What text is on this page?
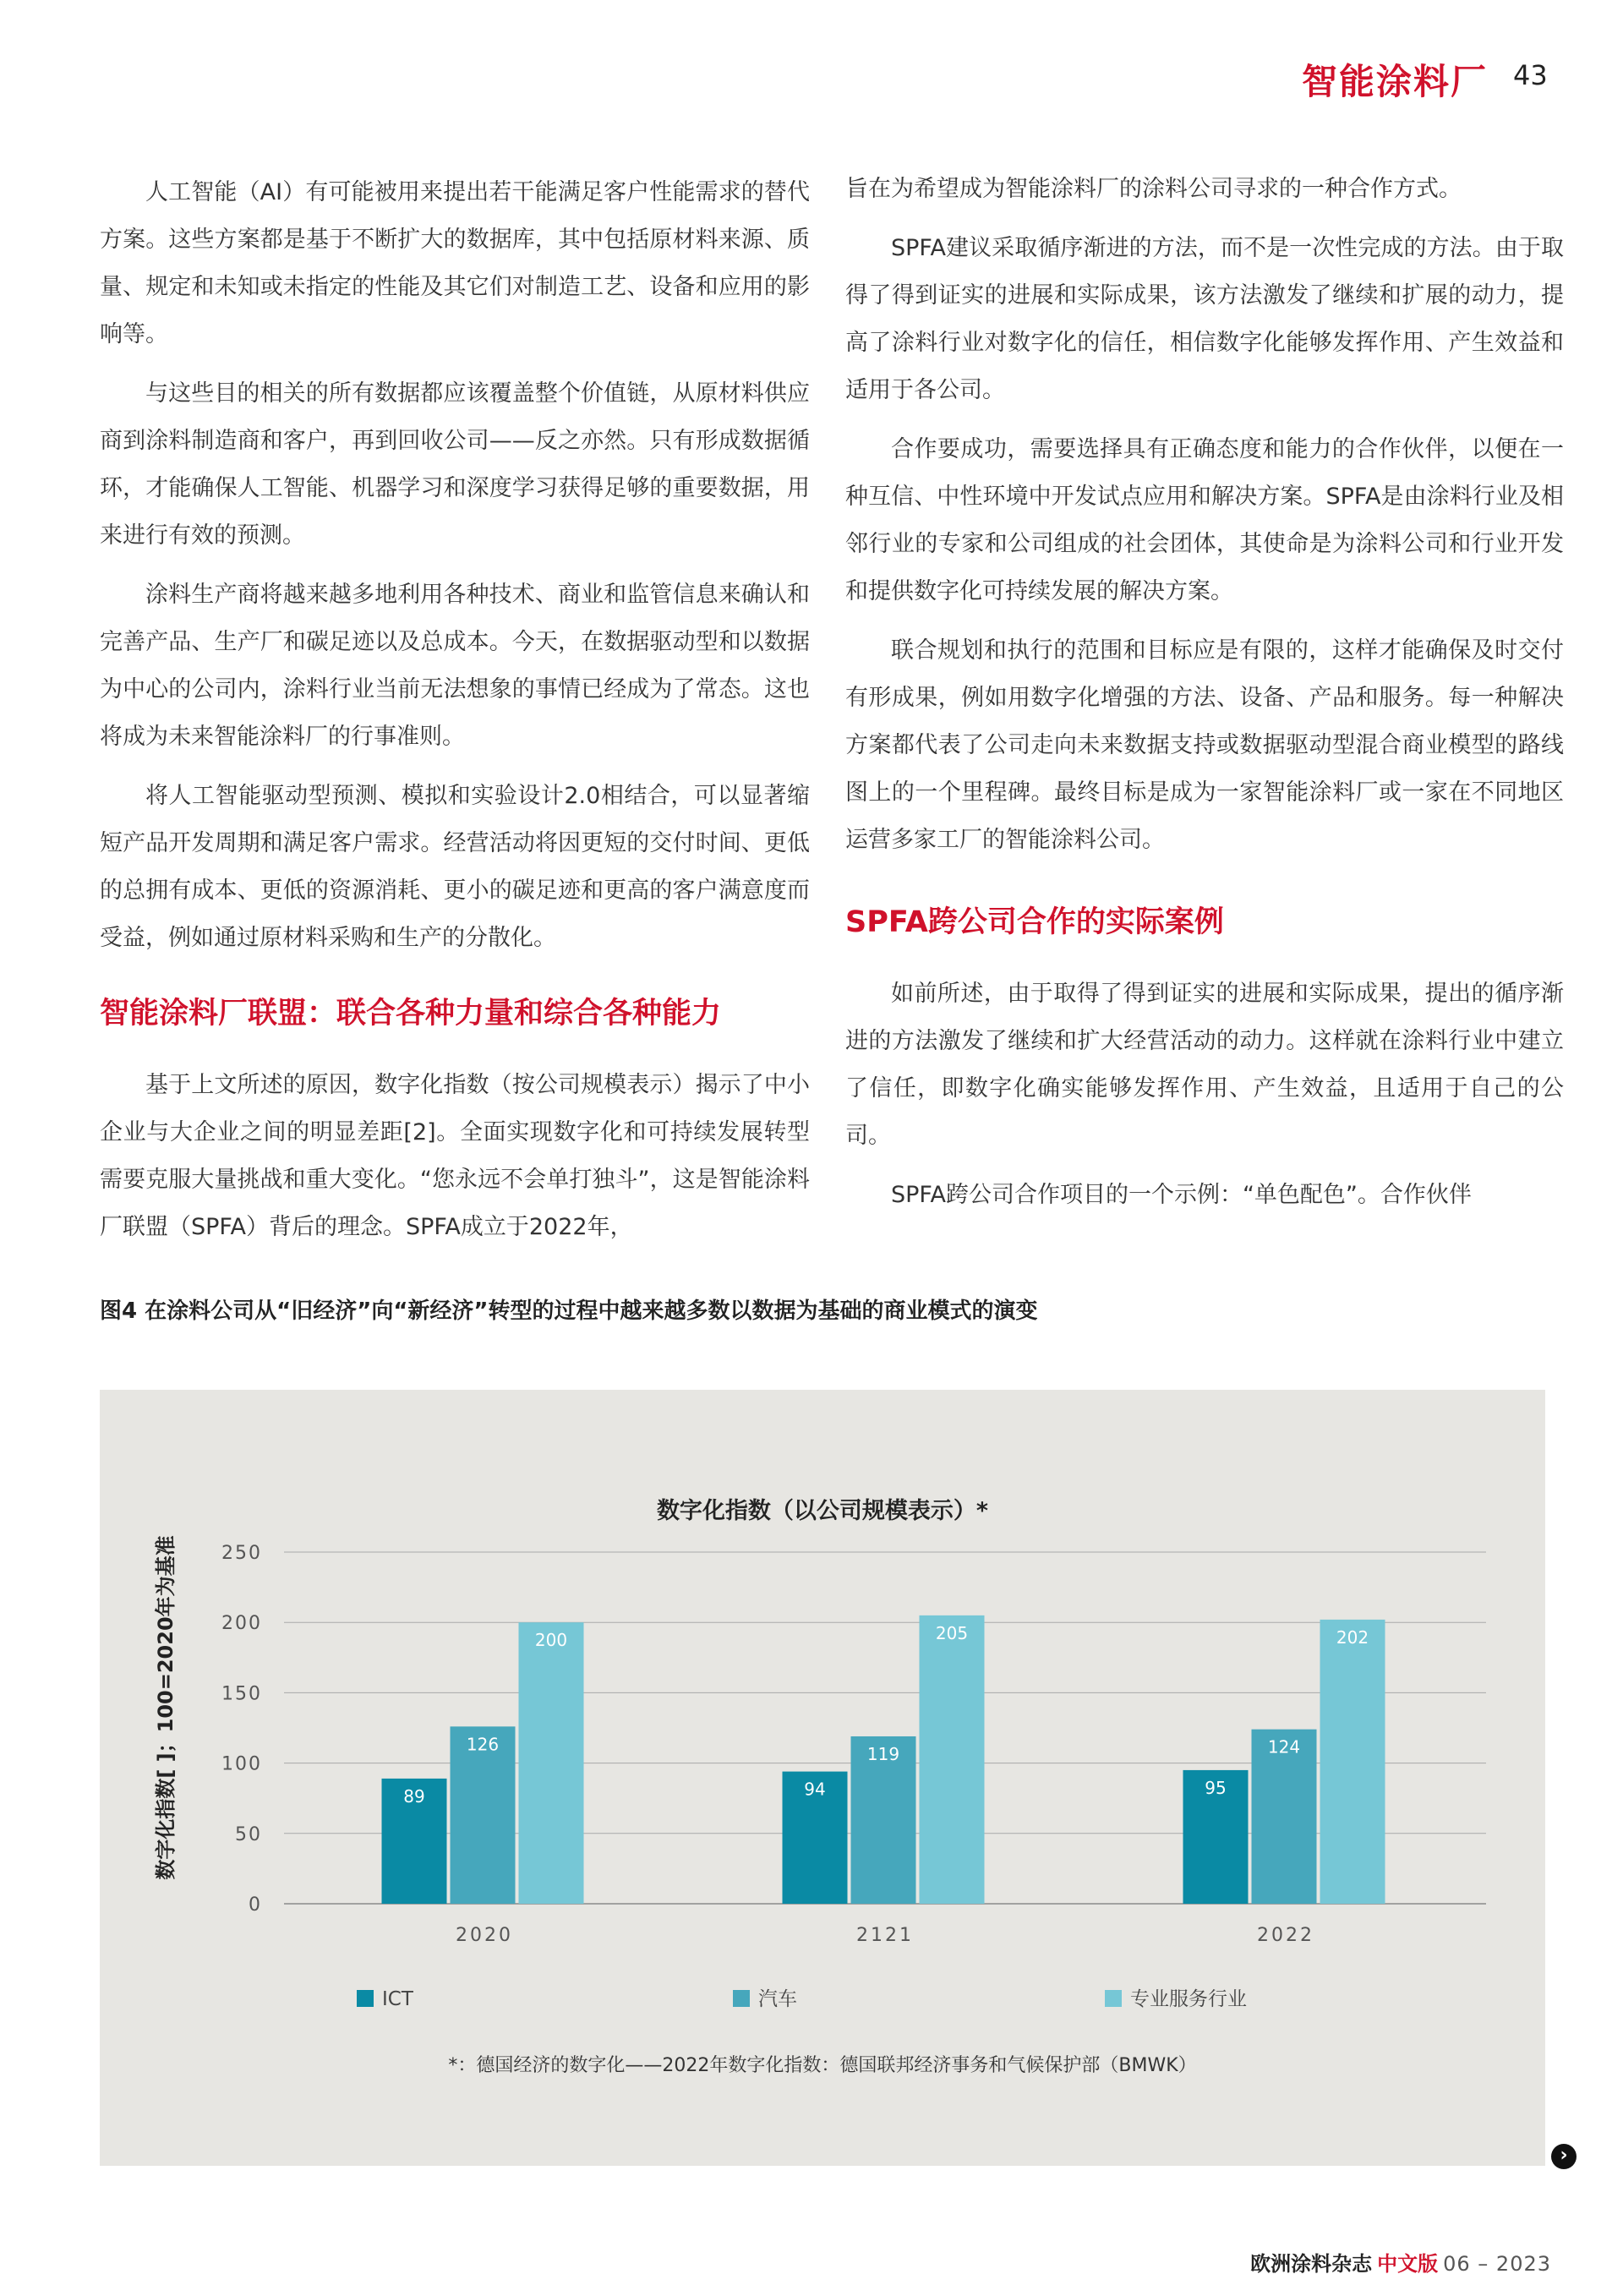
智能涂料厂 43

人工智能（AI）有可能被用来提出若干能满足客户性能需求的替代方案。这些方案都是基于不断扩大的数据库，其中包括原材料来源、质量、规定和未知或未指定的性能及其它们对制造工艺、设备和应用的影响等。

与这些目的相关的所有数据都应该覆盖整个价值链，从原材料供应商到涂料制造商和客户，再到回收公司——反之亦然。只有形成数据循环，才能确保人工智能、机器学习和深度学习获得足够的重要数据，用来进行有效的预测。

涂料生产商将越来越多地利用各种技术、商业和监管信息来确认和完善产品、生产厂和碳足迹以及总成本。今天，在数据驱动型和以数据为中心的公司内，涂料行业当前无法想象的事情已经成为了常态。这也将成为未来智能涂料厂的行事准则。

将人工智能驱动型预测、模拟和实验设计2.0相结合，可以显著缩短产品开发周期和满足客户需求。经营活动将因更短的交付时间、更低的总拥有成本、更低的资源消耗、更小的碳足迹和更高的客户满意度而受益，例如通过原材料采购和生产的分散化。

智能涂料厂联盟：联合各种力量和综合各种能力

基于上文所述的原因，数字化指数（按公司规模表示）揭示了中小企业与大企业之间的明显差距[2]。全面实现数字化和可持续发展转型需要克服大量挑战和重大变化。“您永远不会单打独斗”，这是智能涂料厂联盟（SPFA）背后的理念。SPFA成立于2022年，

旨在为希望成为智能涂料厂的涂料公司寻求的一种合作方式。

SPFA建议采取循序渐进的方法，而不是一次性完成的方法。由于取得了得到证实的进展和实际成果，该方法激发了继续和扩展的动力，提高了涂料行业对数字化的信任，相信数字化能够发挥作用、产生效益和适用于各公司。

合作要成功，需要选择具有正确态度和能力的合作伙伴，以便在一种互信、中性环境中开发试点应用和解决方案。SPFA是由涂料行业及相邻行业的专家和公司组成的社会团体，其使命是为涂料公司和行业开发和提供数字化可持续发展的解决方案。

联合规划和执行的范围和目标应是有限的，这样才能确保及时交付有形成果，例如用数字化增强的方法、设备、产品和服务。每一种解决方案都代表了公司走向未来数据支持或数据驱动型混合商业模型的路线图上的一个里程碑。最终目标是成为一家智能涂料厂或一家在不同地区运营多家工厂的智能涂料公司。

SPFA跨公司合作的实际案例

如前所述，由于取得了得到证实的进展和实际成果，提出的循序渐进的方法激发了继续和扩大经营活动的动力。这样就在涂料行业中建立了信任，即数字化确实能够发挥作用、产生效益，且适用于自己的公司。

SPFA跨公司合作项目的一个示例：“单色配色”。合作伙伴

图4 在涂料公司从“旧经济”向“新经济”转型的过程中越来越多数以数据为基础的商业模式的演变
数字化指数（以公司规模表示）*
数字化指数[ ]；100=2020年为基准
0
50
100
150
200
250
89
126
200
94
119
205
95
124
202
2020	2121	2022
ICT	汽车	专业服务行业
*：德国经济的数字化——2022年数字化指数：德国联邦经济事务和气候保护部（BMWK）
›
欧洲涂料杂志 中文版 06 – 2023
